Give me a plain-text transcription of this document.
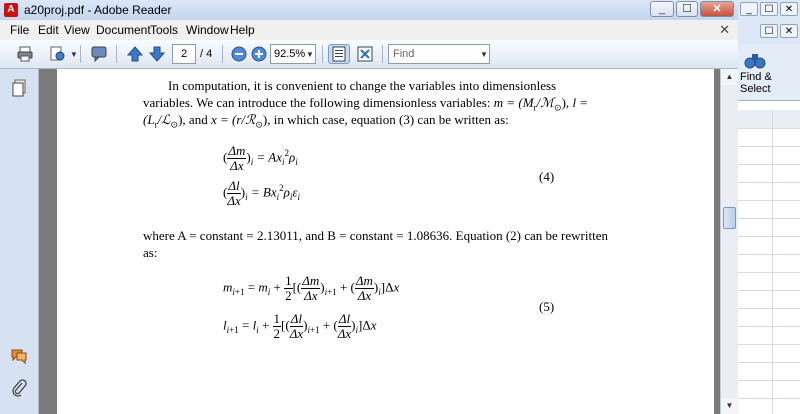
A a20proj.pdf - Adobe Reader	_	☐	✕
File Edit View Document Tools Window Help	✕
▼	2	/ 4	92.5% ▼	Find	▼
In computation, it is convenient to change the variables into dimensionless
variables. We can introduce the following dimensionless variables: $m = (M_r/ℳ_⊙)$, l =
$(L_r/ℒ_⊙)$, and x = (r/ℛ$_⊙$), in which case, equation (3) can be written as:
( $\frac{\Delta m}{\Delta x} )_i = Ax_i^2\rho_i$
( $\frac{\Delta l}{\Delta x} )_i = Bx_i^2\rho_i\varepsilon_i$
(4)
where A = constant = 2.13011, and B = constant = 1.08636. Equation (2) can be rewritten
as:
$m_{i+1} = m_i + \frac{1}{2}$ [( $\frac{\Delta m}{\Delta x} )_{i+1}$ + ( $\frac{\Delta m}{\Delta x} )_i]\Delta x$
$l_{i+1} = l_i + \frac{1}{2}$ [( $\frac{\Delta l}{\Delta x} )_{i+1}$ + ( $\frac{\Delta l}{\Delta x} )_i]\Delta x$
(5)
▲
▼
_	☐	✕
☐	✕
Find &
Select
